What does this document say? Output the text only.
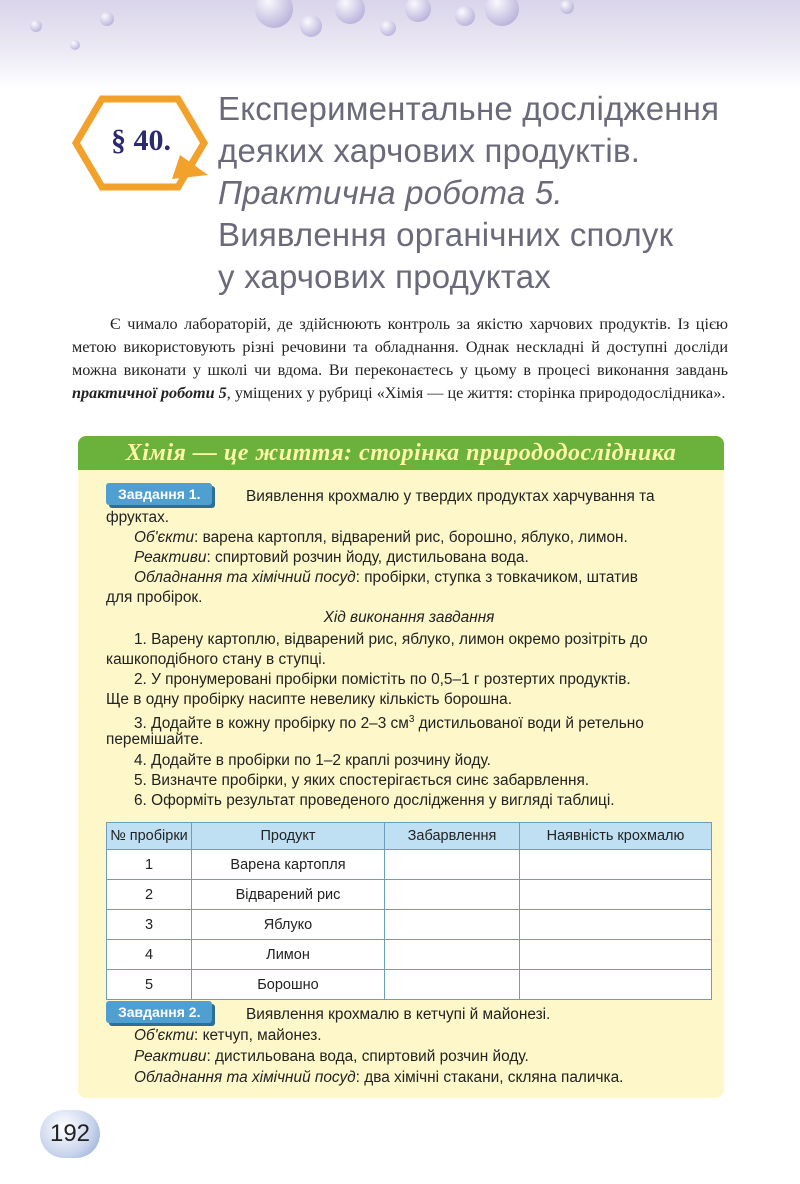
§ 40.
Експериментальне дослідження
деяких харчових продуктів.
Практична робота 5.
Виявлення органічних сполук
у харчових продуктах

Є чимало лабораторій, де здійснюють контроль за якістю харчових продуктів. Із цією метою використовують різні речовини та обладнання. Однак нескладні й доступні досліди можна виконати у школі чи вдома. Ви переконаєтесь у цьому в процесі виконання завдань практичної роботи 5, уміщених у рубриці «Хімія — це життя: сторінка природодослідника».

Хімія — це життя: сторінка природодослідника
Завдання 1.	Виявлення крохмалю у твердих продуктах харчування та
фруктах.
Об'єкти: варена картопля, відварений рис, борошно, яблуко, лимон.
Реактиви: спиртовий розчин йоду, дистильована вода.
Обладнання та хімічний посуд: пробірки, ступка з товкачиком, штатив
для пробірок.
Хід виконання завдання
1. Варену картоплю, відварений рис, яблуко, лимон окремо розітріть до
кашкоподібного стану в ступці.
2. У пронумеровані пробірки помістіть по 0,5–1 г розтертих продуктів.
Ще в одну пробірку насипте невелику кількість борошна.
3. Додайте в кожну пробірку по 2–3 $см^3$ дистильованої води й ретельно
перемішайте.
4. Додайте в пробірки по 1–2 краплі розчину йоду.
5. Визначте пробірки, у яких спостерігається синє забарвлення.
6. Оформіть результат проведеного дослідження у вигляді таблиці.
№ пробірки	Продукт	Забарвлення	Наявність крохмалю
1	Варена картопля		
2	Відварений рис		
3	Яблуко		
4	Лимон		
5	Борошно		
Завдання 2.	Виявлення крохмалю в кетчупі й майонезі.
Об'єкти: кетчуп, майонез.
Реактиви: дистильована вода, спиртовий розчин йоду.
Обладнання та хімічний посуд: два хімічні стакани, скляна паличка.
192
